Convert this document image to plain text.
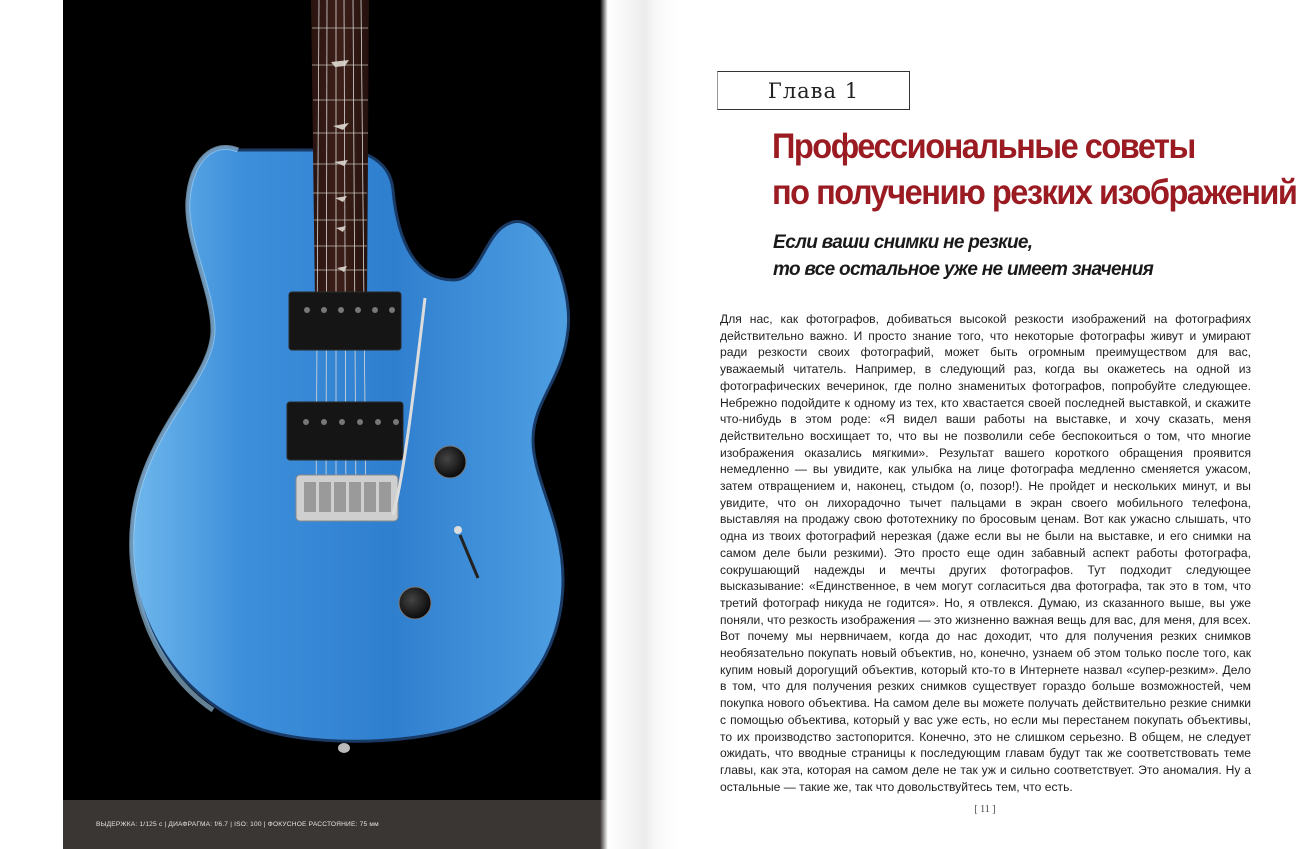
ВЫДЕРЖКА: 1/125 с | ДИАФРАГМА: f/6.7 | ISO: 100 | ФОКУСНОЕ РАССТОЯНИЕ: 75 мм
Глава 1
Профессиональные советы
по получению резких изображений
Если ваши снимки не резкие,
то все остальное уже не имеет значения

Для нас, как фотографов, добиваться высокой резкости изображений на фотографиях действительно важно. И просто знание того, что некоторые фотографы живут и умирают ради резкости своих фотографий, может быть огромным преимуществом для вас, уважаемый читатель. Например, в следующий раз, когда вы окажетесь на одной из фотографических вечеринок, где полно знаменитых фотографов, попробуйте следующее. Небрежно подойдите к одному из тех, кто хвастается своей последней выставкой, и скажите что-нибудь в этом роде: «Я видел ваши работы на выставке, и хочу сказать, меня действительно восхищает то, что вы не позволили себе беспокоиться о том, что многие изображения оказались мягкими». Результат вашего короткого обращения проявится немедленно — вы увидите, как улыбка на лице фотографа медленно сменяется ужасом, затем отвращением и, наконец, стыдом (о, позор!). Не пройдет и нескольких минут, и вы увидите, что он лихорадочно тычет пальцами в экран своего мобильного телефона, выставляя на продажу свою фототехнику по бросовым ценам. Вот как ужасно слышать, что одна из твоих фотографий нерезкая (даже если вы не были на выставке, и его снимки на самом деле были резкими). Это просто еще один забавный аспект работы фотографа, сокрушающий надежды и мечты других фотографов. Тут подходит следующее высказывание: «Единственное, в чем могут согласиться два фотографа, так это в том, что третий фотограф никуда не годится». Но, я отвлекся. Думаю, из сказанного выше, вы уже поняли, что резкость изображения — это жизненно важная вещь для вас, для меня, для всех. Вот почему мы нервничаем, когда до нас доходит, что для получения резких снимков необязательно покупать новый объектив, но, конечно, узнаем об этом только после того, как купим новый дорогущий объектив, который кто-то в Интернете назвал «супер-резким». Дело в том, что для получения резких снимков существует гораздо больше возможностей, чем покупка нового объектива. На самом деле вы можете получать действительно резкие снимки с помощью объектива, который у вас уже есть, но если мы перестанем покупать объективы, то их производство застопорится. Конечно, это не слишком серьезно. В общем, не следует ожидать, что вводные страницы к последующим главам будут так же соответствовать теме главы, как эта, которая на самом деле не так уж и сильно соответствует. Это аномалия. Ну а остальные — такие же, так что довольствуйтесь тем, что есть.

[ 11 ]
